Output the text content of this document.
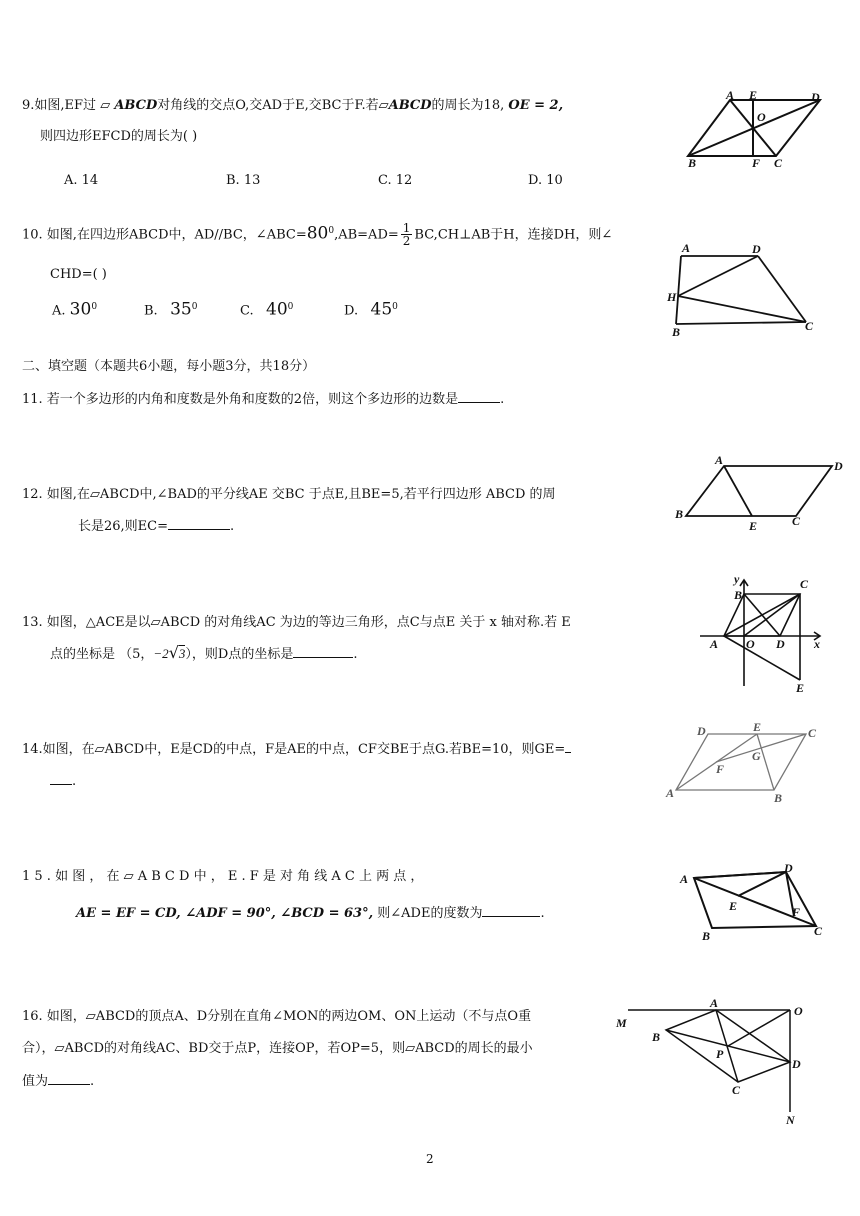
9.如图,EF过 ▱ ABCD对角线的交点O,交AD于E,交BC于F.若▱ABCD的周长为18, OE = 2,
则四边形EFCD的周长为( )
A. 14	B. 13	C. 12	D. 10
A E	D
O
B	F C
10. 如图,在四边形ABCD中，AD//BC，$\angle ABC=80^0,AB=AD= \frac{1}{2}$ BC,CH⊥AB于H，连接DH，则∠
CHD=( )
A. $30^0$	B. $35^0$	C. $40^0$	D. $45^0$
A	D
H
B	C
二、填空题（本题共6小题，每小题3分，共18分）
11. 若一个多边形的内角和度数是外角和度数的2倍，则这个多边形的边数是	.
12. 如图,在▱ABCD中,∠BAD的平分线AE 交BC 于点E,且BE=5,若平行四边形 ABCD 的周
长是26,则EC=	.
A	D
B
E	C
13. 如图，△ACE是以▱ABCD 的对角线AC 为边的等边三角形，点C与点E 关于 x 轴对称.若 E
点的坐标是 （5，−2√3），则D点的坐标是	.
y
B
C
A O D x
E
14.如图，在▱ABCD中，E是CD的中点，F是AE的中点，CF交BE于点G.若BE=10，则GE=
.
D	E	C
F
G
A	B
1 5 . 如 图 ， 在 ▱ A B C D 中 ， E . F 是 对 角 线 A C 上 两 点 ，
AE = EF = CD, ∠ADF = 90°, ∠BCD = 63°, 则∠ADE的度数为	.
A
D
E	F
B	C
16. 如图，▱ABCD的顶点A、D分别在直角∠MON的两边OM、ON上运动（不与点O重
合），▱ABCD的对角线AC、BD交于点P，连接OP，若OP=5，则▱ABCD的周长的最小
值为	.
M
A
O
B
P
D
C
N
2
